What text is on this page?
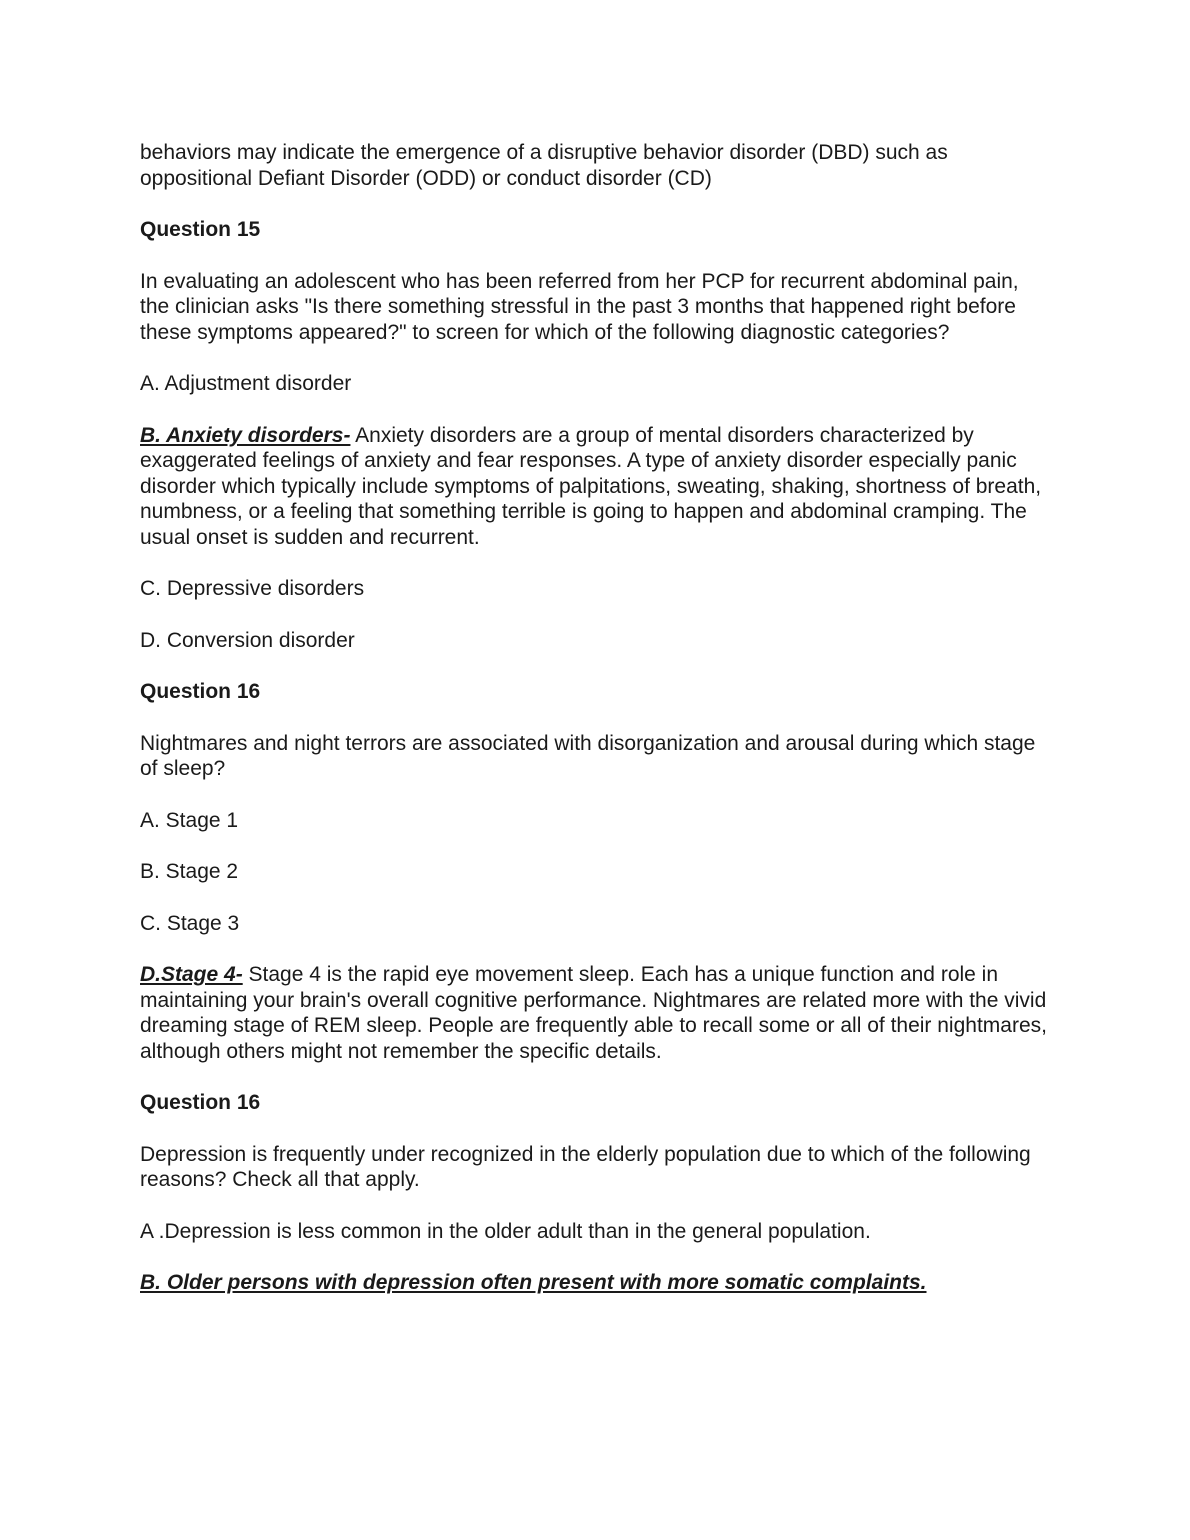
behaviors may indicate the emergence of a disruptive behavior disorder (DBD) such as oppositional Defiant Disorder (ODD) or conduct disorder (CD)

Question 15

In evaluating an adolescent who has been referred from her PCP for recurrent abdominal pain, the clinician asks "Is there something stressful in the past 3 months that happened right before these symptoms appeared?" to screen for which of the following diagnostic categories?

A. Adjustment disorder

B. Anxiety disorders- Anxiety disorders are a group of mental disorders characterized by exaggerated feelings of anxiety and fear responses. A type of anxiety disorder especially panic disorder which typically include symptoms of palpitations, sweating, shaking, shortness of breath, numbness, or a feeling that something terrible is going to happen and abdominal cramping. The usual onset is sudden and recurrent.

C. Depressive disorders

D. Conversion disorder

Question 16

Nightmares and night terrors are associated with disorganization and arousal during which stage of sleep?

A. Stage 1

B. Stage 2

C. Stage 3

D.Stage 4- Stage 4 is the rapid eye movement sleep. Each has a unique function and role in maintaining your brain's overall cognitive performance. Nightmares are related more with the vivid dreaming stage of REM sleep. People are frequently able to recall some or all of their nightmares, although others might not remember the specific details.

Question 16

Depression is frequently under recognized in the elderly population due to which of the following reasons? Check all that apply.

A .Depression is less common in the older adult than in the general population.

B. Older persons with depression often present with more somatic complaints.
